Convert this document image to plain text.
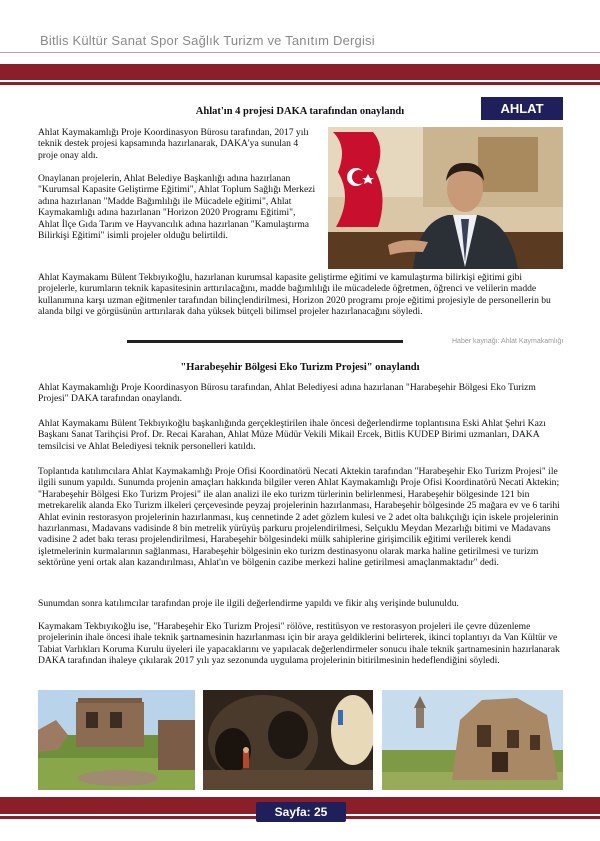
Bitlis Kültür Sanat Spor Sağlık Turizm ve Tanıtım Dergisi
Ahlat'ın 4 projesi DAKA tarafından onaylandı	AHLAT

Ahlat Kaymakamlığı Proje Koordinasyon Bürosu tarafından, 2017 yılı teknik destek projesi kapsamında hazırlanarak, DAKA'ya sunulan 4 proje onay aldı.

Onaylanan projelerin, Ahlat Belediye Başkanlığı adına hazırlanan "Kurumsal Kapasite Geliştirme Eğitimi", Ahlat Toplum Sağlığı Merkezi adına hazırlanan "Madde Bağımlılığı ile Mücadele eğitimi", Ahlat Kaymakamlığı adına hazırlanan "Horizon 2020 Programı Eğitimi", Ahlat İlçe Gıda Tarım ve Hayvancılık adına hazırlanan "Kamulaştırma Bilirkişi Eğitimi" isimli projeler olduğu belirtildi.

Ahlat Kaymakamı Bülent Tekbıyıkoğlu, hazırlanan kurumsal kapasite geliştirme eğitimi ve kamulaştırma bilirkişi eğitimi gibi projelerle, kurumların teknik kapasitesinin arttırılacağını, madde bağımlılığı ile mücadelede öğretmen, öğrenci ve velilerin madde kullanımına karşı uzman eğitmenler tarafından bilinçlendirilmesi, Horizon 2020 programı proje eğitimi projesiyle de personellerin bu alanda bilgi ve görgüsünün arttırılarak daha yüksek bütçeli bilimsel projeler hazırlanacağını söyledi.

Haber kaynağı: Ahlat Kaymakamlığı
"Harabeşehir Bölgesi Eko Turizm Projesi" onaylandı

Ahlat Kaymakamlığı Proje Koordinasyon Bürosu tarafından, Ahlat Belediyesi adına hazırlanan "Harabeşehir Bölgesi Eko Turizm Projesi" DAKA tarafından onaylandı.

Ahlat Kaymakamı Bülent Tekbıyıkoğlu başkanlığında gerçekleştirilen ihale öncesi değerlendirme toplantısına Eski Ahlat Şehri Kazı Başkanı Sanat Tarihçisi Prof. Dr. Recai Karahan, Ahlat Müze Müdür Vekili Mikail Ercek, Bitlis KUDEP Birimi uzmanları, DAKA temsilcisi ve Ahlat Belediyesi teknik personelleri katıldı.

Toplantıda katılımcılara Ahlat Kaymakamlığı Proje Ofisi Koordinatörü Necati Aktekin tarafından "Harabeşehir Eko Turizm Projesi" ile ilgili sunum yapıldı. Sunumda projenin amaçları hakkında bilgiler veren Ahlat Kaymakamlığı Proje Ofisi Koordinatörü Necati Aktekin; "Harabeşehir Bölgesi Eko Turizm Projesi" ile alan analizi ile eko turizm türlerinin belirlenmesi, Harabeşehir bölgesinde 121 bin metrekarelik alanda Eko Turizm ilkeleri çerçevesinde peyzaj projelerinin hazırlanması, Harabeşehir bölgesinde 25 mağara ev ve 6 tarihi Ahlat evinin restorasyon projelerinin hazırlanması, kuş cennetinde 2 adet gözlem kulesi ve 2 adet olta balıkçılığı için iskele projelerinin hazırlanması, Madavans vadisinde 8 bin metrelik yürüyüş parkuru projelendirilmesi, Selçuklu Meydan Mezarlığı bitimi ve Madavans vadisine 2 adet bakı terası projelendirilmesi, Harabeşehir bölgesindeki mülk sahiplerine girişimcilik eğitimi verilerek kendi işletmelerinin kurmalarının sağlanması, Harabeşehir bölgesinin eko turizm destinasyonu olarak marka haline getirilmesi ve turizm sektörüne yeni ortak alan kazandırılması, Ahlat'ın ve bölgenin cazibe merkezi haline getirilmesi amaçlanmaktadır" dedi.

Sunumdan sonra katılımcılar tarafından proje ile ilgili değerlendirme yapıldı ve fikir alış verişinde bulunuldu.

Kaymakam Tekbıyıkoğlu ise, "Harabeşehir Eko Turizm Projesi" rölöve, restitüsyon ve restorasyon projeleri ile çevre düzenleme projelerinin ihale öncesi ihale teknik şartnamesinin hazırlanması için bir araya geldiklerini belirterek, ikinci toplantıyı da Van Kültür ve Tabiat Varlıkları Koruma Kurulu üyeleri ile yapacaklarını ve yapılacak değerlendirmeler sonucu ihale teknik şartnamesinin hazırlanarak DAKA tarafından ihaleye çıkılarak 2017 yılı yaz sezonunda uygulama projelerinin bitirilmesinin hedeflendiğini söyledi.

Sayfa: 25
